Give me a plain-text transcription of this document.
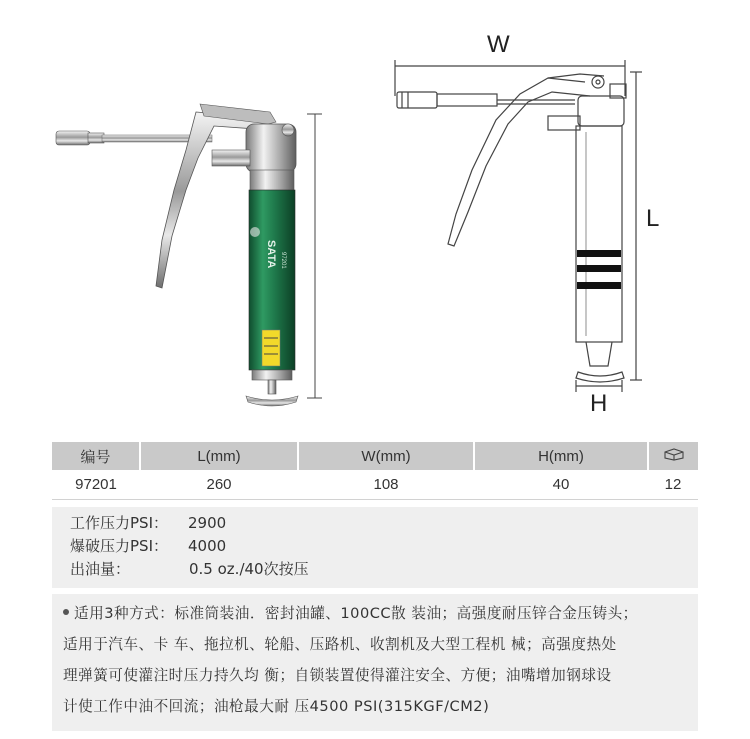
SATA 97201
W
L
H
编号	L(mm)	W(mm)	H(mm)	
97201	260	108	40	12
工作压力PSI： 2900
爆破压力PSI： 4000
出油量：	0.5 oz./40次按压
适用3种方式：标准筒装油．密封油罐、100CC散 装油；高强度耐压锌合金压铸头；
适用于汽车、卡 车、拖拉机、轮船、压路机、收割机及大型工程机 械；高强度热处
理弹簧可使灌注时压力持久均 衡；自锁装置使得灌注安全、方便；油嘴增加钢球设
计使工作中油不回流；油枪最大耐 压4500 PSI(315KGF/CM2)
